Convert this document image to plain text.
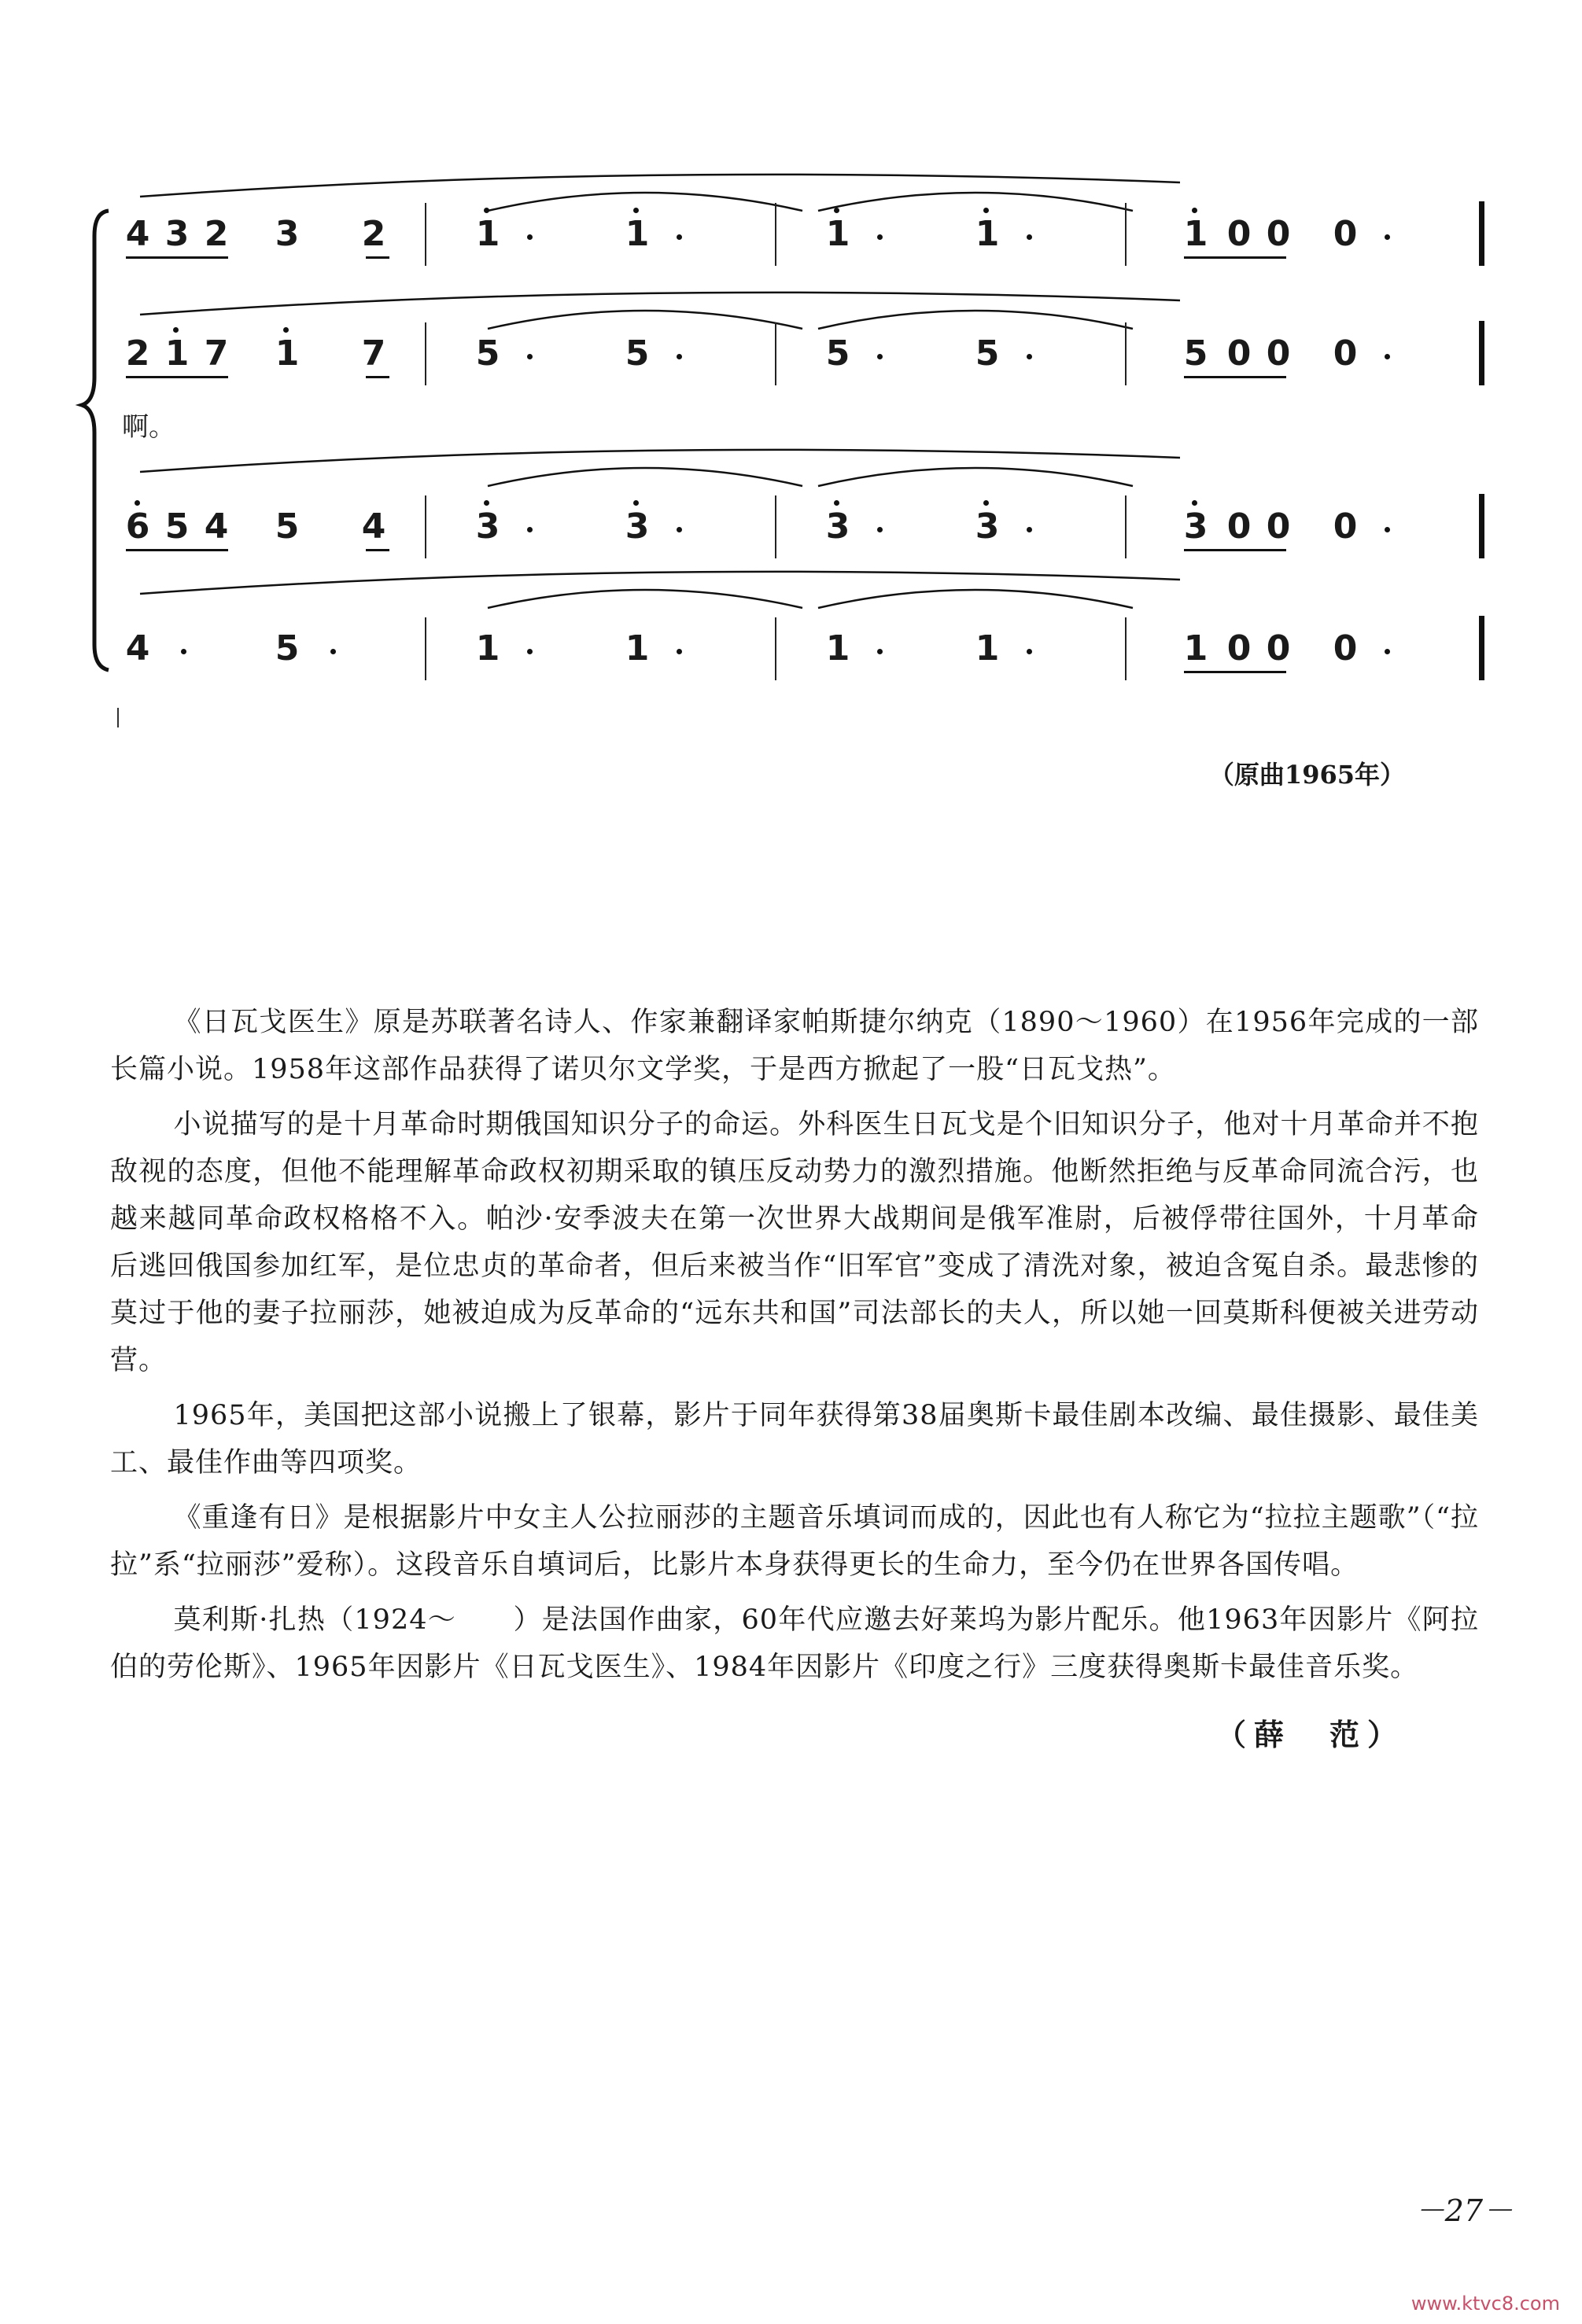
4 3 2 3 2	1	1	1	1	1 0 0 0
2 1 7 1 7	5	5	5	5	5 0 0 0
啊。
6 5 4 5 4	3	3	3	3	3 0 0 0
4	5	1	1	1	1	1 0 0 0
（原曲1965年）

《日瓦戈医生》原是苏联著名诗人、作家兼翻译家帕斯捷尔纳克（1890～1960）在1956年完成的一部长篇小说。1958年这部作品获得了诺贝尔文学奖，于是西方掀起了一股“日瓦戈热”。

小说描写的是十月革命时期俄国知识分子的命运。外科医生日瓦戈是个旧知识分子，他对十月革命并不抱敌视的态度，但他不能理解革命政权初期采取的镇压反动势力的激烈措施。他断然拒绝与反革命同流合污，也越来越同革命政权格格不入。帕沙·安季波夫在第一次世界大战期间是俄军准尉，后被俘带往国外，十月革命后逃回俄国参加红军，是位忠贞的革命者，但后来被当作“旧军官”变成了清洗对象，被迫含冤自杀。最悲惨的莫过于他的妻子拉丽莎，她被迫成为反革命的“远东共和国”司法部长的夫人，所以她一回莫斯科便被关进劳动营。

1965年，美国把这部小说搬上了银幕，影片于同年获得第38届奥斯卡最佳剧本改编、最佳摄影、最佳美工、最佳作曲等四项奖。

《重逢有日》是根据影片中女主人公拉丽莎的主题音乐填词而成的，因此也有人称它为“拉拉主题歌”（“拉拉”系“拉丽莎”爱称）。这段音乐自填词后，比影片本身获得更长的生命力，至今仍在世界各国传唱。

莫利斯·扎热（1924～　　）是法国作曲家，60年代应邀去好莱坞为影片配乐。他1963年因影片《阿拉伯的劳伦斯》、1965年因影片《日瓦戈医生》、1984年因影片《印度之行》三度获得奥斯卡最佳音乐奖。

（薛　范）
－27－
www.ktvc8.com
